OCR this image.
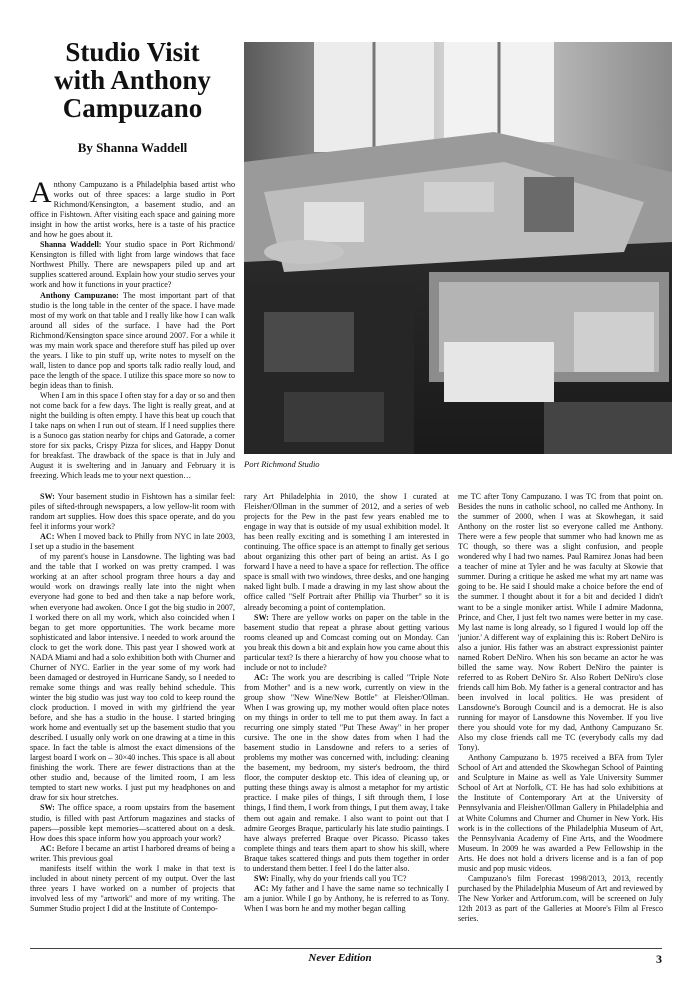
Studio Visit
with Anthony
Campuzano
By Shanna Waddell
Port Richmond Studio

Anthony Campuzano is a Philadelphia based artist who works out of three spaces: a large studio in Port Richmond/Kensington, a basement studio, and an office in Fishtown. After visiting each space and gaining more insight in how the artist works, here is a taste of his practice and how he goes about it.

Shanna Waddell: Your studio space in Port Richmond/ Kensington is filled with light from large windows that face Northwest Philly. There are newspapers piled up and art supplies scattered around. Explain how your studio serves your work and how it functions in your practice?

Anthony Campuzano: The most important part of that studio is the long table in the center of the space. I have made most of my work on that table and I really like how I can walk around all sides of the surface. I have had the Port Richmond/Kensington space since around 2007. For a while it was my main work space and therefore stuff has piled up over the years. I like to pin stuff up, write notes to myself on the wall, listen to dance pop and sports talk radio really loud, and pace the length of the space. I utilize this space more so now to begin ideas than to finish.

When I am in this space I often stay for a day or so and then not come back for a few days. The light is really great, and at night the building is often empty. I have this beat up couch that I take naps on when I run out of steam. If I need supplies there is a Sunoco gas station nearby for chips and Gatorade, a corner store for six packs, Crispy Pizza for slices, and Happy Donut for breakfast. The drawback of the space is that in July and August it is sweltering and in January and February it is freezing. Which leads me to your next question…

SW: Your basement studio in Fishtown has a similar feel: piles of sifted-through newspapers, a low yellow-lit room with random art supplies. How does this space operate, and do you feel it informs your work?

AC: When I moved back to Philly from NYC in late 2003, I set up a studio in the basement

of my parent's house in Lansdowne. The lighting was bad and the table that I worked on was pretty cramped. I was working at an after school program three hours a day and would work on drawings really late into the night when everyone had gone to bed and then take a nap before work, when everyone had awoken. Once I got the big studio in 2007, I worked there on all my work, which also coincided when I began to get more opportunities. The work became more sophisticated and labor intensive. I needed to work around the clock to get the work done. This past year I showed work at NADA Miami and had a solo exhibition both with Churner and Churner of NYC. Earlier in the year some of my work had been damaged or destroyed in Hurricane Sandy, so I needed to remake some things and was really behind schedule. This winter the big studio was just way too cold to keep round the clock production. I moved in with my girlfriend the year before, and she has a studio in the house. I started bringing work home and eventually set up the basement studio that you described. I usually only work on one drawing at a time in this space. In fact the table is almost the exact dimensions of the largest board I work on – 30×40 inches. This space is all about finishing the work. There are fewer distractions than at the other studio and, because of the limited room, I am less tempted to start new works. I just put my headphones on and draw for six hour stretches.

SW: The office space, a room upstairs from the basement studio, is filled with past Artforum magazines and stacks of papers—possible kept memories—scattered about on a desk. How does this space inform how you approach your work?

AC: Before I became an artist I harbored dreams of being a writer. This previous goal

manifests itself within the work I make in that text is included in about ninety percent of my output. Over the last three years I have worked on a number of projects that involved less of my "artwork" and more of my writing. The Summer Studio project I did at the Institute of Contempo-

rary Art Philadelphia in 2010, the show I curated at Fleisher/Ollman in the summer of 2012, and a series of web projects for the Pew in the past few years enabled me to engage in way that is outside of my usual exhibition model. It has been really exciting and is something I am interested in continuing. The office space is an attempt to finally get serious about organizing this other part of being an artist. As I go forward I have a need to have a space for reflection. The office space is small with two windows, three desks, and one hanging naked light bulb. I made a drawing in my last show about the office called "Self Portrait after Phillip via Thurber" so it is already becoming a point of contemplation.

SW: There are yellow works on paper on the table in the basement studio that repeat a phrase about getting various rooms cleaned up and Comcast coming out on Monday. Can you break this down a bit and explain how you came about this particular text? Is there a hierarchy of how you choose what to include or not to include?

AC: The work you are describing is called "Triple Note from Mother" and is a new work, currently on view in the group show "New Wine/New Bottle" at Fleisher/Ollman. When I was growing up, my mother would often place notes on my things in order to tell me to put them away. In fact a recurring one simply stated "Put These Away" in her proper cursive. The one in the show dates from when I had the basement studio in Lansdowne and refers to a series of problems my mother was concerned with, including: cleaning the basement, my bedroom, my sister's bedroom, the third floor, the computer desktop etc. This idea of cleaning up, or putting these things away is almost a metaphor for my artistic practice. I make piles of things, I sift through them, I lose things, I find them, I work from things, I put them away, I take them out again and remake. I also want to point out that I admire Georges Braque, particularly his late studio paintings. I have always preferred Braque over Picasso. Picasso takes complete things and tears them apart to show his skill, where Braque takes scattered things and puts them together in order to understand them better. I feel I do the latter also.

SW: Finally, why do your friends call you TC?

AC: My father and I have the same name so technically I am a junior. While I go by Anthony, he is referred to as Tony. When I was born he and my mother began calling

me TC after Tony Campuzano. I was TC from that point on. Besides the nuns in catholic school, no called me Anthony. In the summer of 2000, when I was at Skowhegan, it said Anthony on the roster list so everyone called me Anthony. There were a few people that summer who had known me as TC though, so there was a slight confusion, and people wondered why I had two names. Paul Ramirez Jonas had been a teacher of mine at Tyler and he was faculty at Skowie that summer. During a critique he asked me what my art name was going to be. He said I should make a choice before the end of the summer. I thought about it for a bit and decided I didn't want to be a single moniker artist. While I admire Madonna, Prince, and Cher, I just felt two names were better in my case. My last name is long already, so I figured I would lop off the 'junior.' A different way of explaining this is: Robert DeNiro is also a junior. His father was an abstract expressionist painter named Robert DeNiro. When his son became an actor he was billed the same way. Now Robert DeNiro the painter is referred to as Robert DeNiro Sr. Also Robert DeNiro's close friends call him Bob. My father is a general contractor and has been involved in local politics. He was president of Lansdowne's Borough Council and is a democrat. He is also running for mayor of Lansdowne this November. If you live there you should vote for my dad, Anthony Campuzano Sr. Also my close friends call me TC (everybody calls my dad Tony).

Anthony Campuzano b. 1975 received a BFA from Tyler School of Art and attended the Skowhegan School of Painting and Sculpture in Maine as well as Yale University Summer School of Art at Norfolk, CT. He has had solo exhibitions at the Institute of Contemporary Art at the University of Pennsylvania and Fleisher/Ollman Gallery in Philadelphia and at White Columns and Churner and Churner in New York. His work is in the collections of the Philadelphia Museum of Art, the Pennsylvania Academy of Fine Arts, and the Woodmere Museum. In 2009 he was awarded a Pew Fellowship in the Arts. He does not hold a drivers license and is a fan of pop music and pop music videos.

Campuzano's film Forecast 1998/2013, 2013, recently purchased by the Philadelphia Museum of Art and reviewed by The New Yorker and Artforum.com, will be screened on July 12th 2013 as part of the Galleries at Moore's Film al Fresco series.

Never Edition	3
